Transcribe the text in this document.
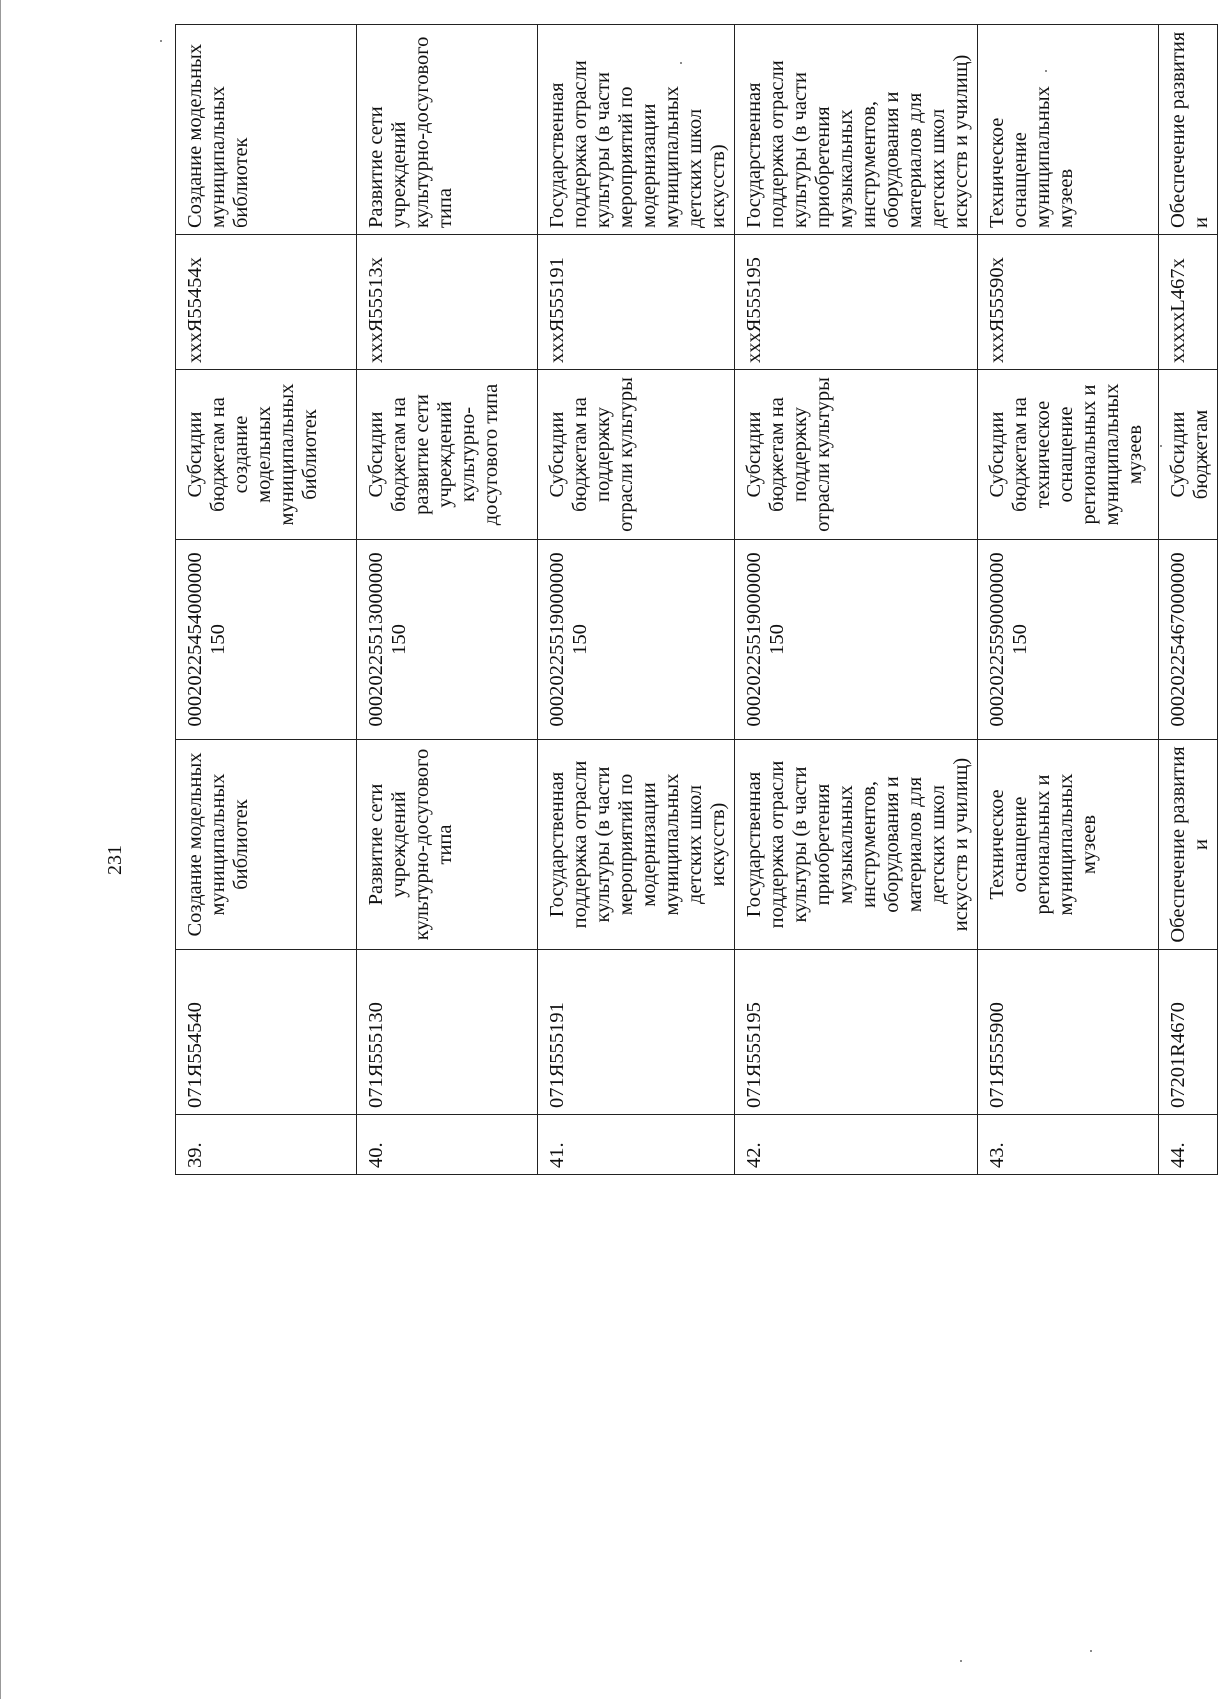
231
39.	071Я554540	Создание модельных муниципальных библиотек	00020225454000000 150	Субсидии бюджетам на создание модельных муниципальных библиотек	xxxЯ55454x	Создание модельных муниципальных библиотек
40.	071Я555130	Развитие сети учреждений культурно-досугового типа	00020225513000000 150	Субсидии бюджетам на развитие сети учреждений культурно-досугового типа	xxxЯ55513x	Развитие сети учреждений культурно-досугового типа
41.	071Я555191	Государственная поддержка отрасли культуры (в части мероприятий по модернизации муниципальных детских школ искусств)	00020225519000000 150	Субсидии бюджетам на поддержку отрасли культуры	xxxЯ555191	Государственная поддержка отрасли культуры (в части мероприятий по модернизации муниципальных детских школ искусств)
42.	071Я555195	Государственная поддержка отрасли культуры (в части приобретения музыкальных инструментов, оборудования и материалов для детских школ искусств и училищ)	00020225519000000 150	Субсидии бюджетам на поддержку отрасли культуры	xxxЯ555195	Государственная поддержка отрасли культуры (в части приобретения музыкальных инструментов, оборудования и материалов для детских школ искусств и училищ)
43.	071Я555900	Техническое оснащение региональных и муниципальных музеев	00020225590000000 150	Субсидии бюджетам на техническое оснащение региональных и муниципальных музеев	xxxЯ55590x	Техническое оснащение муниципальных музеев
44.	07201R4670	Обеспечение развития и	00020225467000000	Субсидии бюджетам	xxxxxL467x	Обеспечение развития и
